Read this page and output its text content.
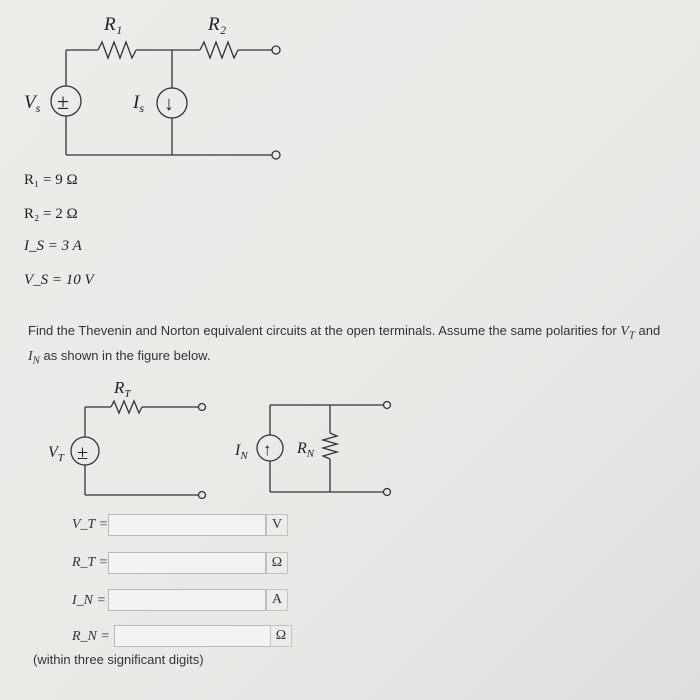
R₁	R₂
$V_s$	$I_s$
±	↓
R₁ = 9 Ω
R₂ = 2 Ω
I_S = 3 A
V_S = 10 V
Find the Thevenin and Norton equivalent circuits at the open terminals. Assume the same polarities for $V_T$ and
$I_N$ as shown in the figure below.
$R_T$
$V_T$ ±	$I_N$ ↑ $R_N$
V_T =	V
R_T =	Ω
I_N =	A
R_N =	Ω
(within three significant digits)
